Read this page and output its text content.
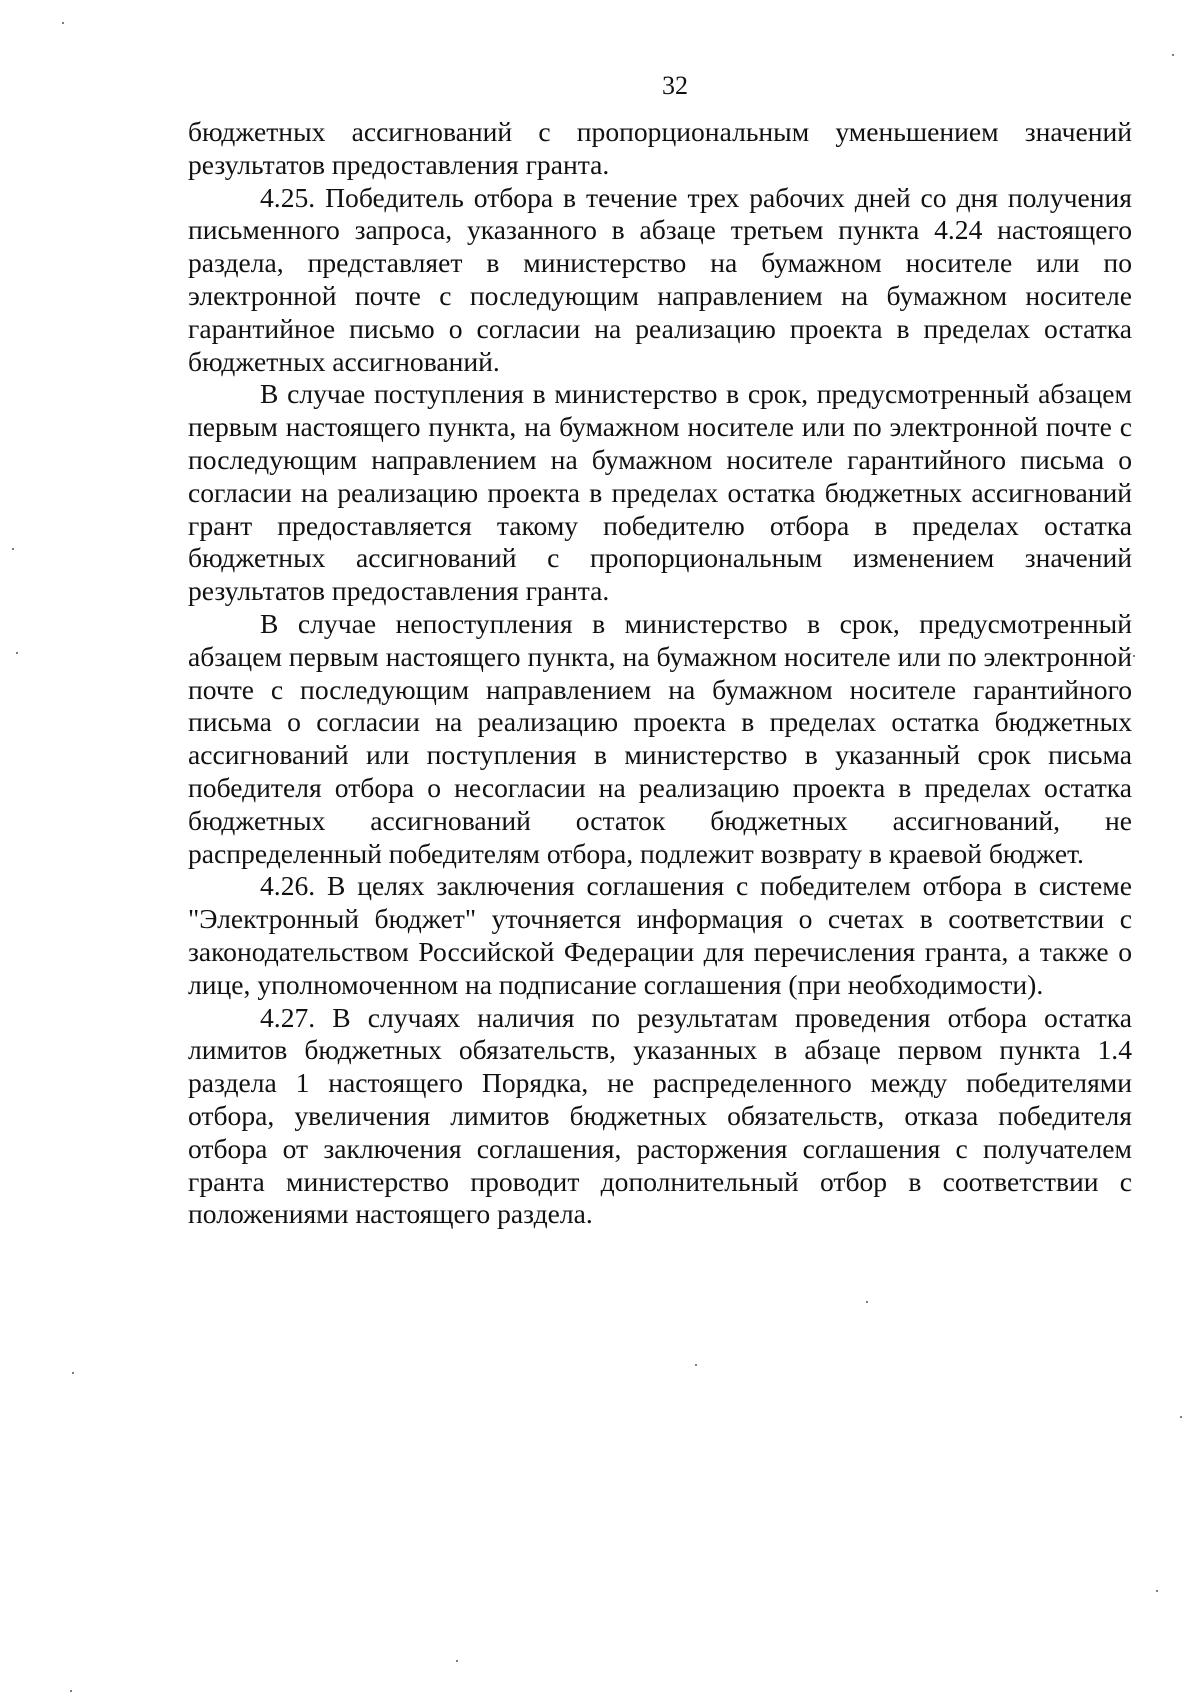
32

бюджетных ассигнований с пропорциональным уменьшением значений результатов предоставления гранта.

4.25. Победитель отбора в течение трех рабочих дней со дня получения письменного запроса, указанного в абзаце третьем пункта 4.24 настоящего раздела, представляет в министерство на бумажном носителе или по электронной почте с последующим направлением на бумажном носителе гарантийное письмо о согласии на реализацию проекта в пределах остатка бюджетных ассигнований.

В случае поступления в министерство в срок, предусмотренный абзацем первым настоящего пункта, на бумажном носителе или по электронной почте с последующим направлением на бумажном носителе гарантийного письма о согласии на реализацию проекта в пределах остатка бюджетных ассигнований грант предоставляется такому победителю отбора в пределах остатка бюджетных ассигнований с пропорциональным изменением значений результатов предоставления гранта.

В случае непоступления в министерство в срок, предусмотренный абзацем первым настоящего пункта, на бумажном носителе или по электронной почте с последующим направлением на бумажном носителе гарантийного письма о согласии на реализацию проекта в пределах остатка бюджетных ассигнований или поступления в министерство в указанный срок письма победителя отбора о несогласии на реализацию проекта в пределах остатка бюджетных ассигнований остаток бюджетных ассигнований, не распределенный победителям отбора, подлежит возврату в краевой бюджет.

4.26. В целях заключения соглашения с победителем отбора в системе "Электронный бюджет" уточняется информация о счетах в соответствии с законодательством Российской Федерации для перечисления гранта, а также о лице, уполномоченном на подписание соглашения (при необходимости).

4.27. В случаях наличия по результатам проведения отбора остатка лимитов бюджетных обязательств, указанных в абзаце первом пункта 1.4 раздела 1 настоящего Порядка, не распределенного между победителями отбора, увеличения лимитов бюджетных обязательств, отказа победителя отбора от заключения соглашения, расторжения соглашения с получателем гранта министерство проводит дополнительный отбор в соответствии с положениями настоящего раздела.
